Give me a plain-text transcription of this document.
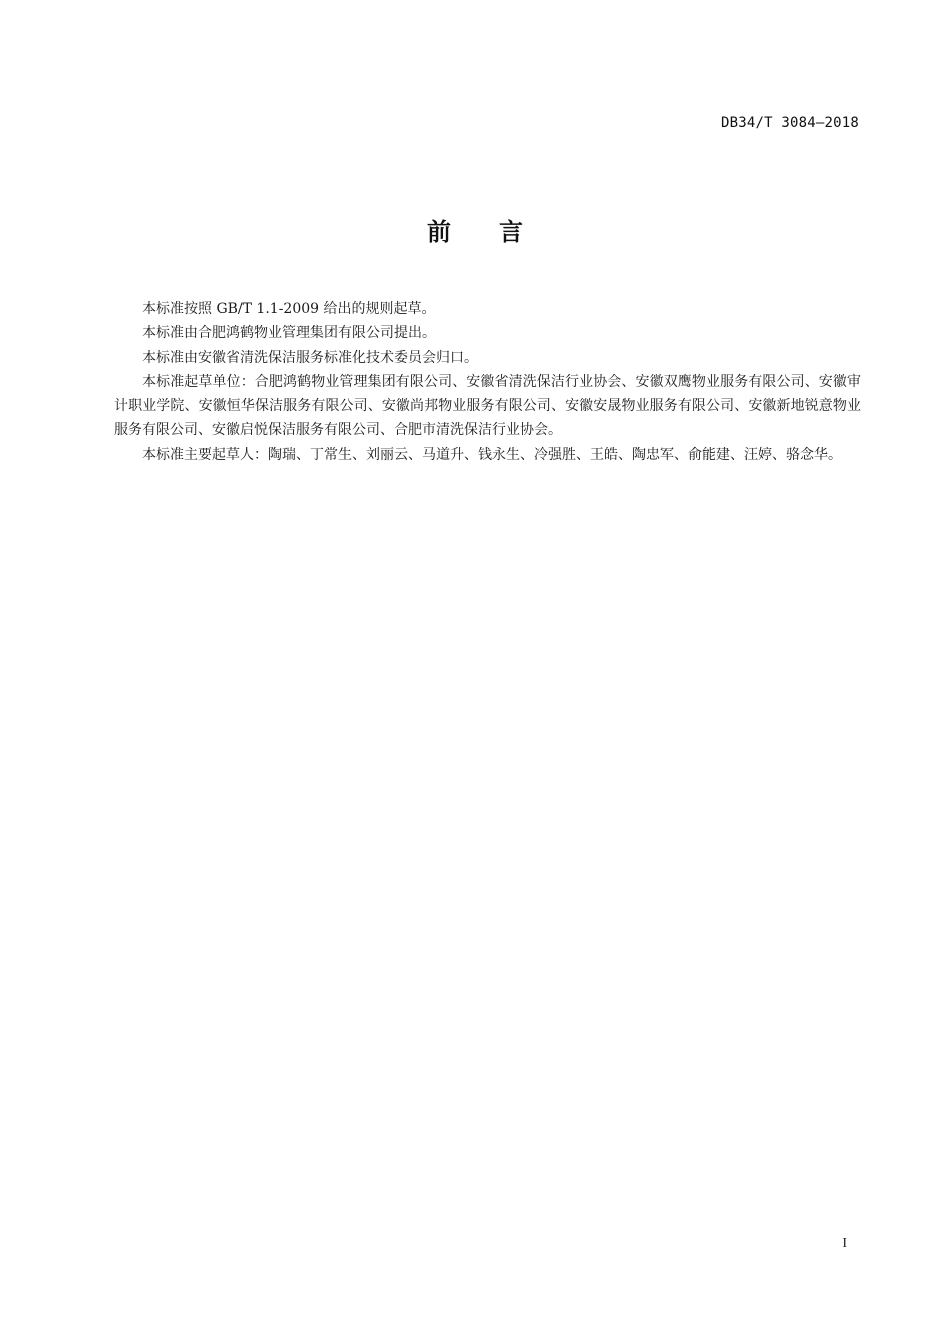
DB34/T 3084—2018
前 言

本标准按照 GB/T 1.1-2009 给出的规则起草。

本标准由合肥鸿鹤物业管理集团有限公司提出。

本标准由安徽省清洗保洁服务标准化技术委员会归口。

本标准起草单位：合肥鸿鹤物业管理集团有限公司、安徽省清洗保洁行业协会、安徽双鹰物业服务有限公司、安徽审计职业学院、安徽恒华保洁服务有限公司、安徽尚邦物业服务有限公司、安徽安晟物业服务有限公司、安徽新地锐意物业服务有限公司、安徽启悦保洁服务有限公司、合肥市清洗保洁行业协会。

本标准主要起草人：陶瑞、丁常生、刘丽云、马道升、钱永生、冷强胜、王皓、陶忠军、俞能建、汪婷、骆念华。

I
